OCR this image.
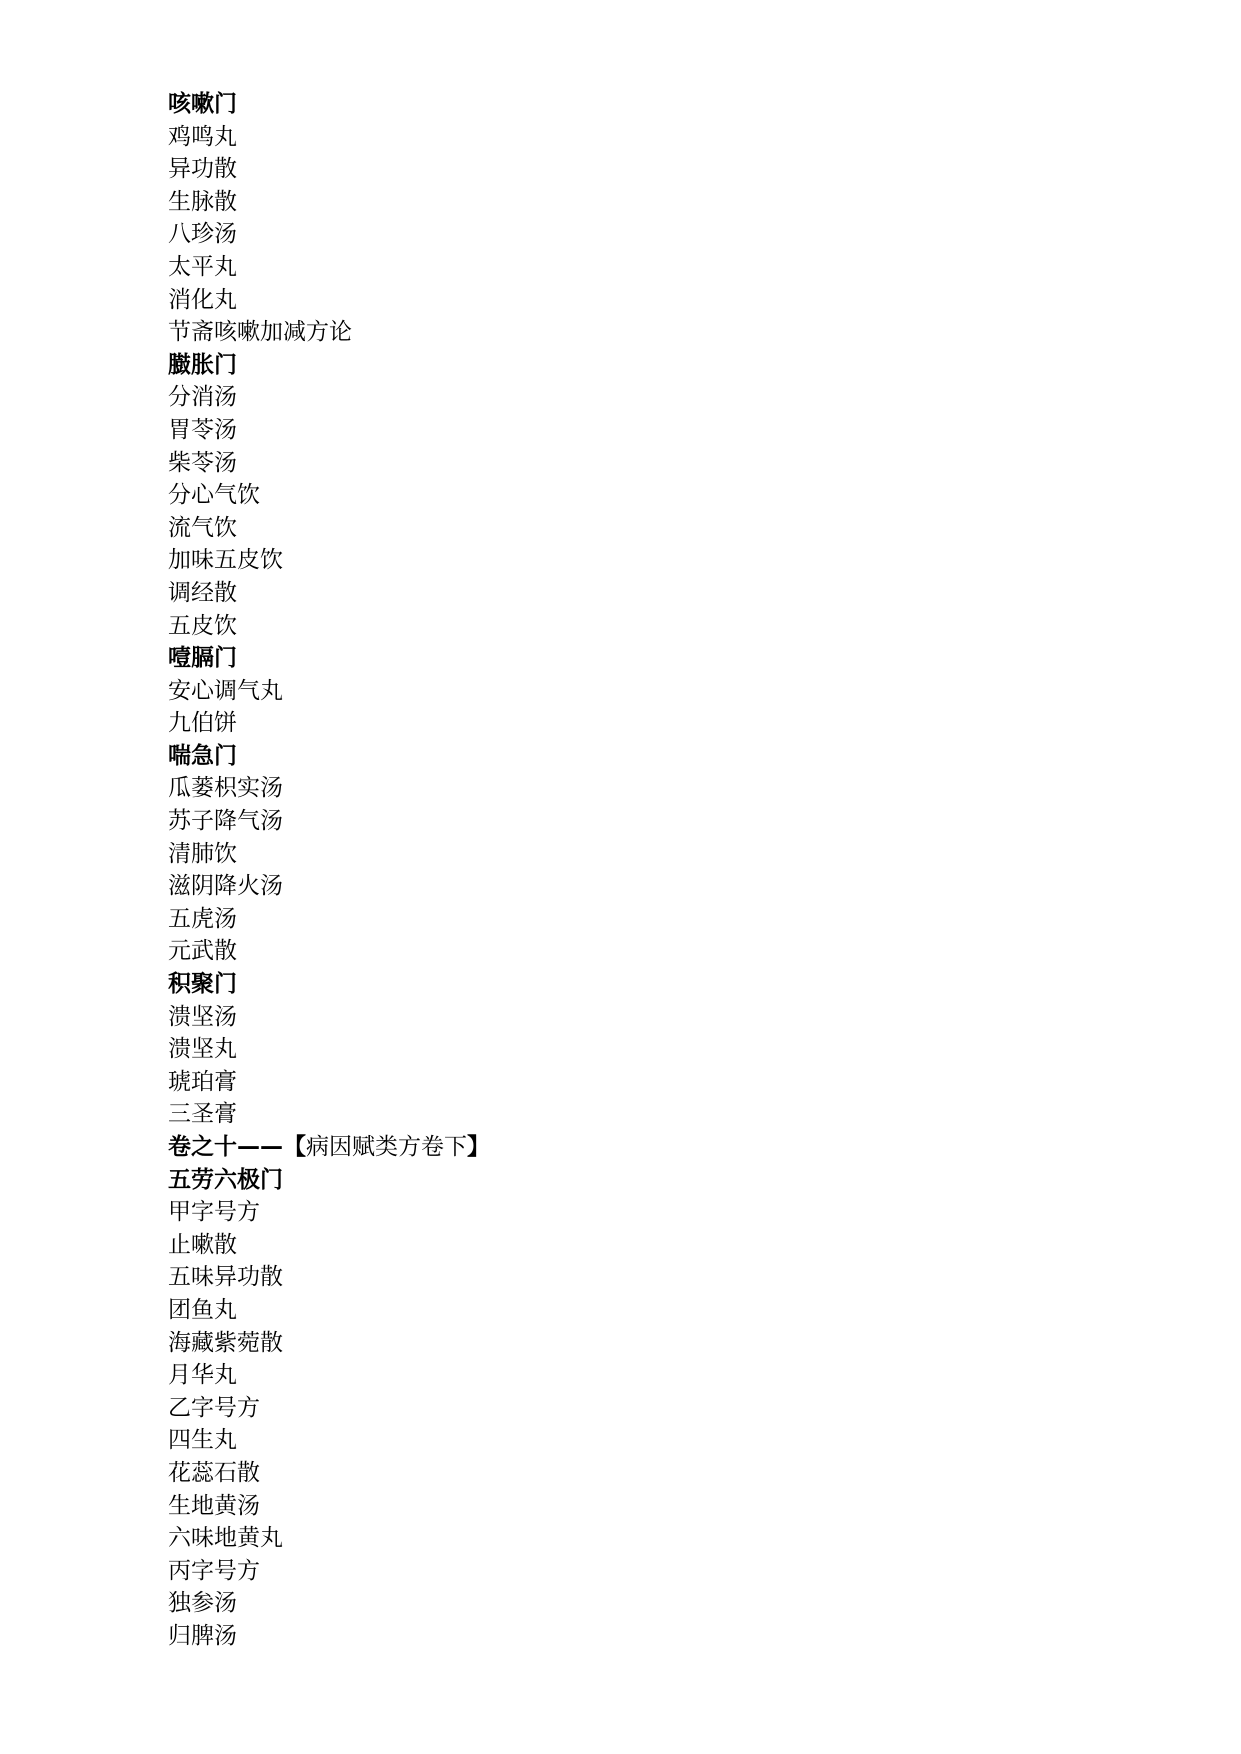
咳嗽门
鸡鸣丸
异功散
生脉散
八珍汤
太平丸
消化丸
节斋咳嗽加减方论
臌胀门
分消汤
胃苓汤
柴苓汤
分心气饮
流气饮
加味五皮饮
调经散
五皮饮
噎膈门
安心调气丸
九伯饼
喘急门
瓜蒌枳实汤
苏子降气汤
清肺饮
滋阴降火汤
五虎汤
元武散
积聚门
溃坚汤
溃坚丸
琥珀膏
三圣膏
卷之十——【病因赋类方卷下】
五劳六极门
甲字号方
止嗽散
五味异功散
团鱼丸
海藏紫菀散
月华丸
乙字号方
四生丸
花蕊石散
生地黄汤
六味地黄丸
丙字号方
独参汤
归脾汤
